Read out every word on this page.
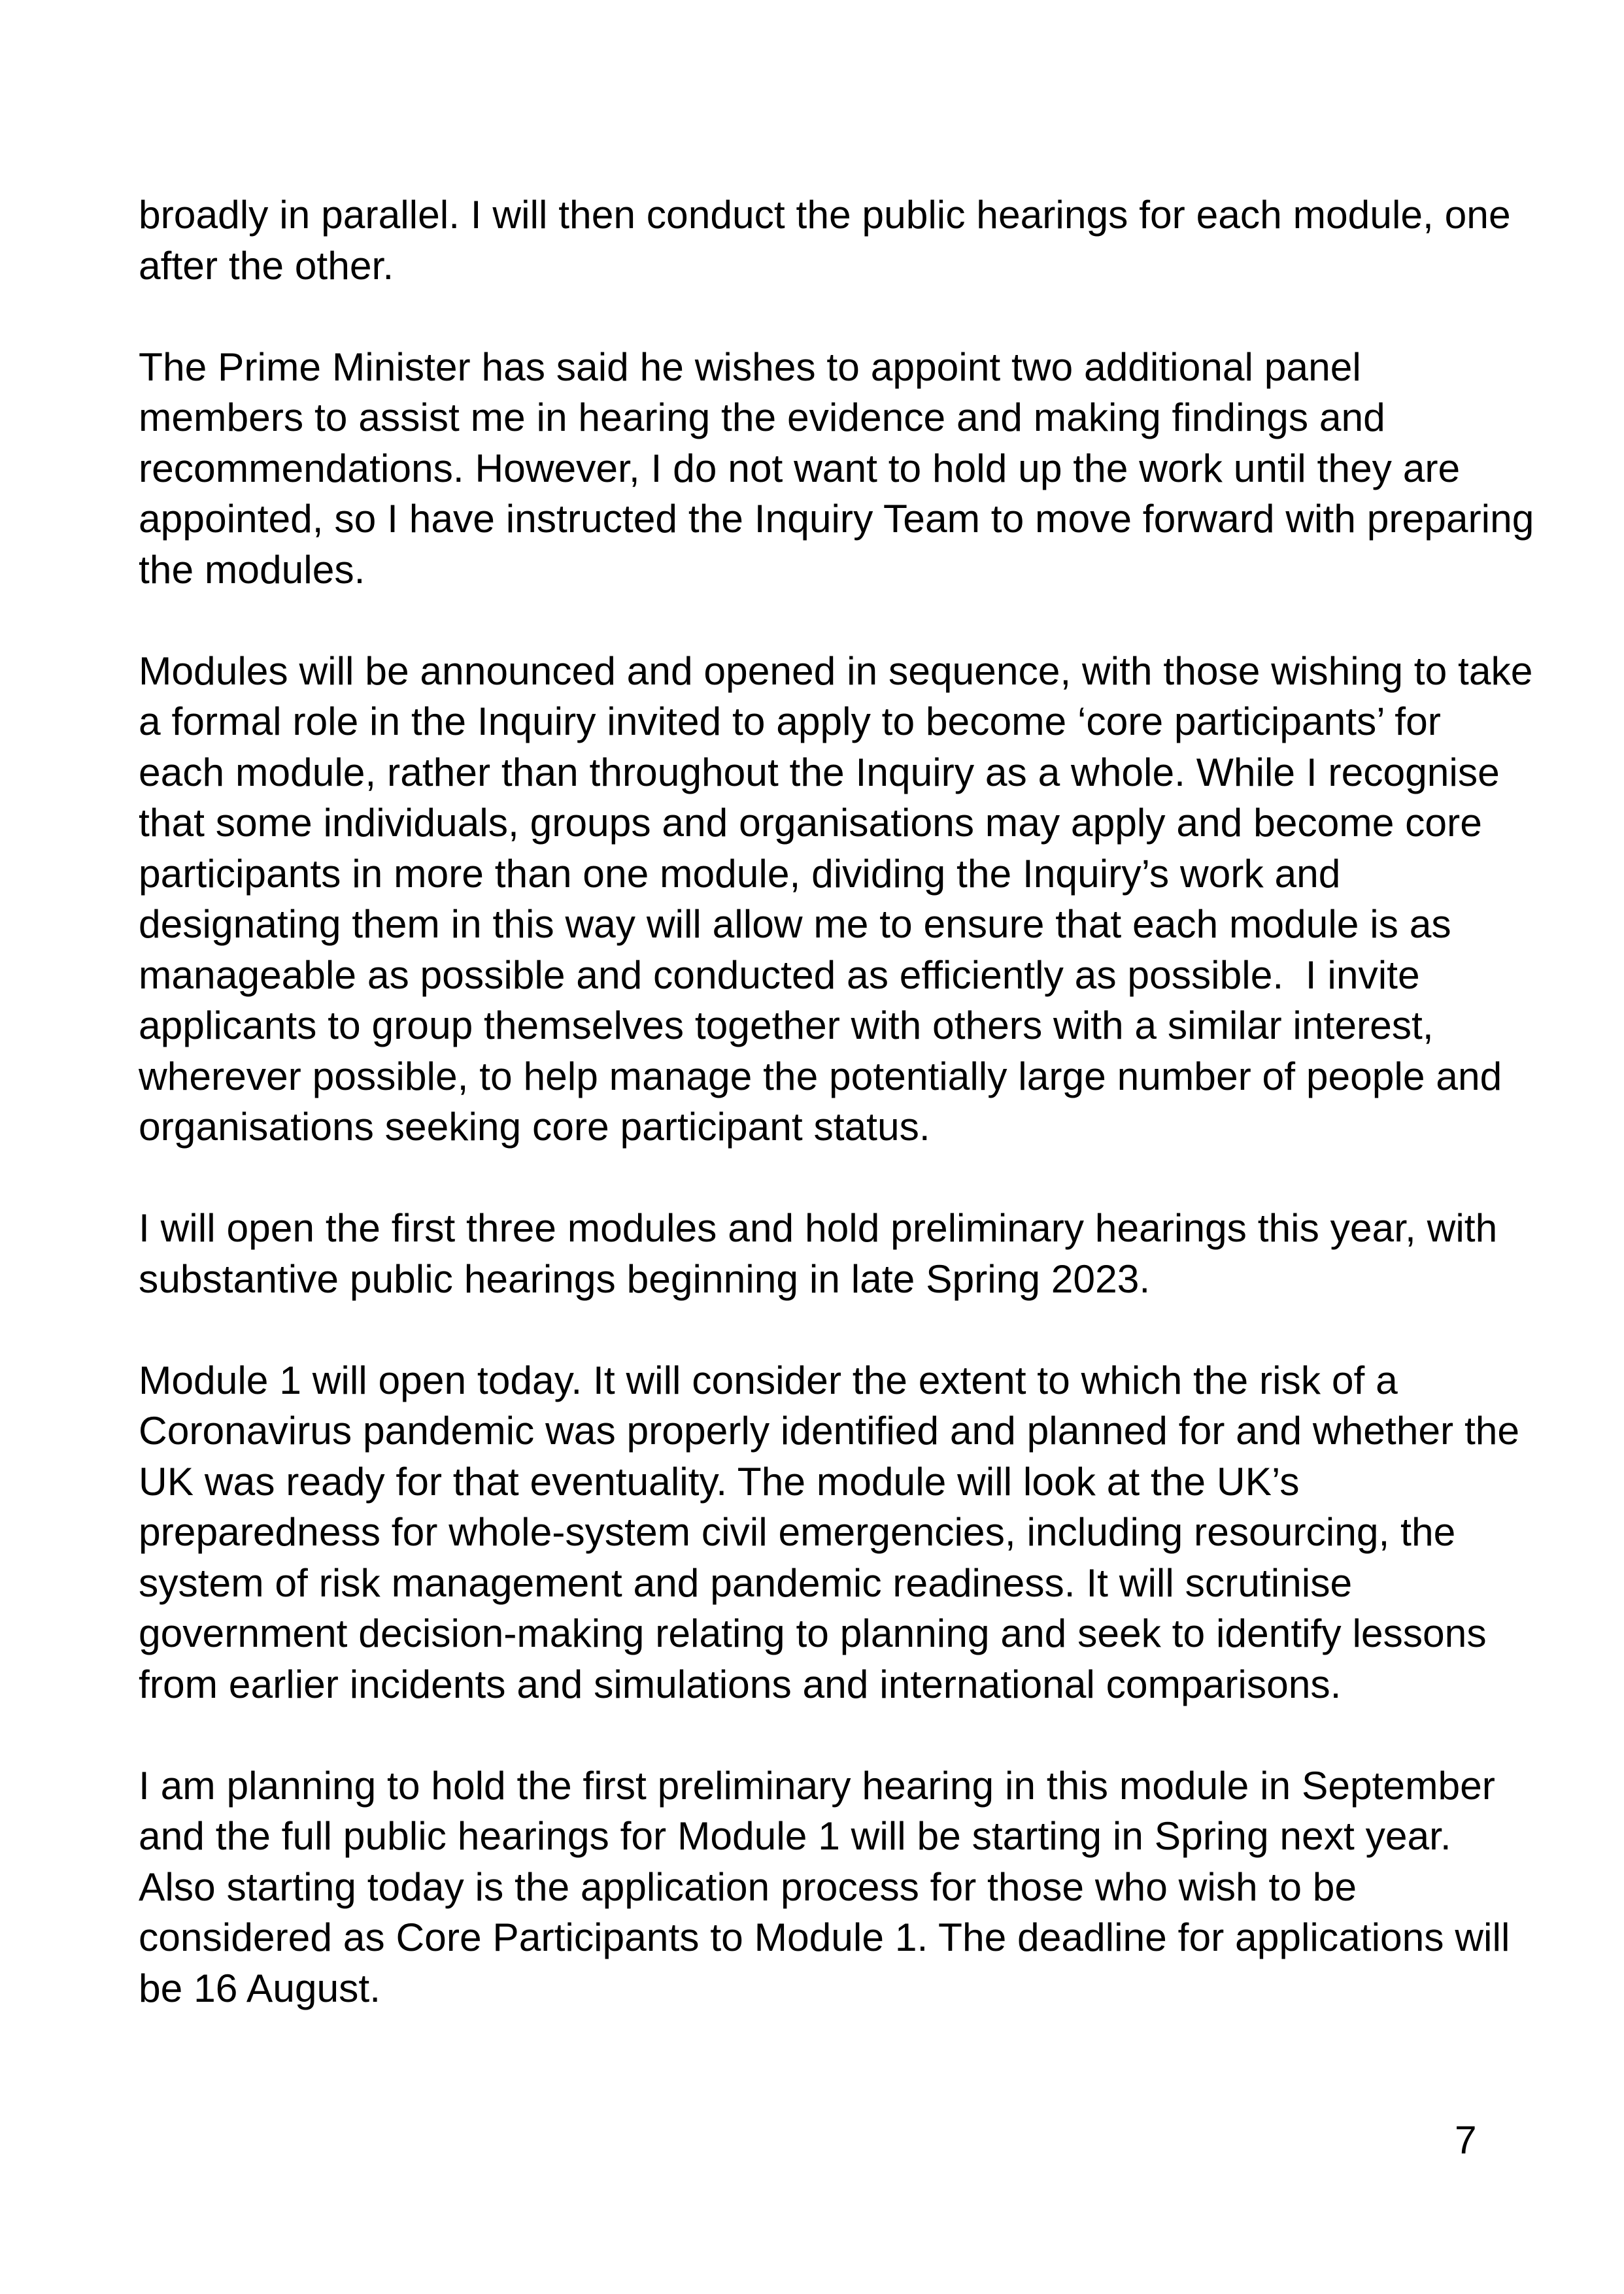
broadly in parallel. I will then conduct the public hearings for each module, one
after the other.

The Prime Minister has said he wishes to appoint two additional panel
members to assist me in hearing the evidence and making findings and
recommendations. However, I do not want to hold up the work until they are
appointed, so I have instructed the Inquiry Team to move forward with preparing
the modules.

Modules will be announced and opened in sequence, with those wishing to take
a formal role in the Inquiry invited to apply to become ‘core participants’ for
each module, rather than throughout the Inquiry as a whole. While I recognise
that some individuals, groups and organisations may apply and become core
participants in more than one module, dividing the Inquiry’s work and
designating them in this way will allow me to ensure that each module is as
manageable as possible and conducted as efficiently as possible.  I invite
applicants to group themselves together with others with a similar interest,
wherever possible, to help manage the potentially large number of people and
organisations seeking core participant status.

I will open the first three modules and hold preliminary hearings this year, with
substantive public hearings beginning in late Spring 2023.

Module 1 will open today. It will consider the extent to which the risk of a
Coronavirus pandemic was properly identified and planned for and whether the
UK was ready for that eventuality. The module will look at the UK’s
preparedness for whole-system civil emergencies, including resourcing, the
system of risk management and pandemic readiness. It will scrutinise
government decision-making relating to planning and seek to identify lessons
from earlier incidents and simulations and international comparisons.

I am planning to hold the first preliminary hearing in this module in September
and the full public hearings for Module 1 will be starting in Spring next year.
Also starting today is the application process for those who wish to be
considered as Core Participants to Module 1. The deadline for applications will
be 16 August.

7
